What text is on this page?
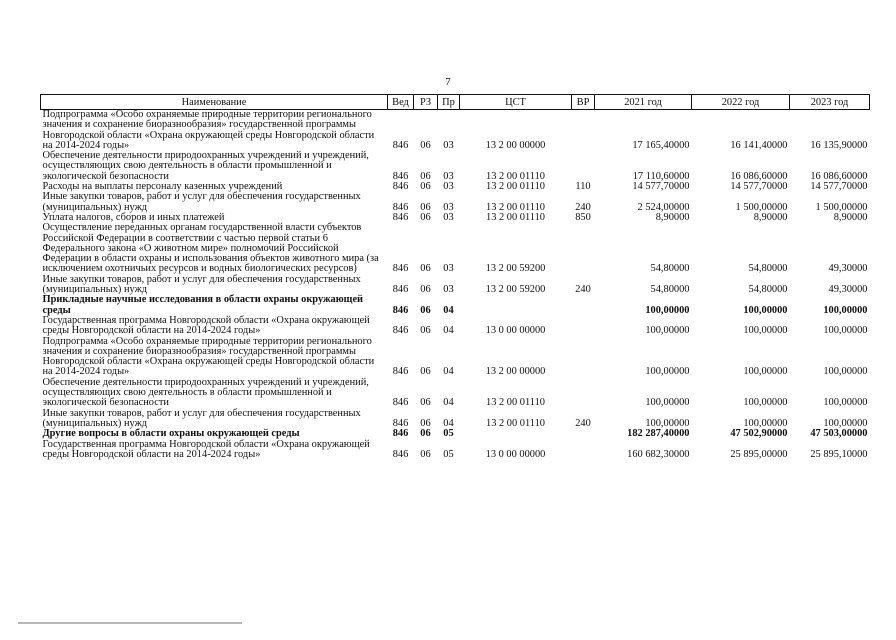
7
Наименование	Вед	РЗ	Пр	ЦСТ	ВР	2021 год	2022 год	2023 год
Подпрограмма «Особо охраняемые природные территории регионального значения и сохранение биоразнообразия» государственной программы Новгородской области «Охрана окружающей среды Новгородской области на 2014-2024 годы»	846	06	03	13 2 00 00000		17 165,40000	16 141,40000	16 135,90000
Обеспечение деятельности природоохранных учреждений и учреждений, осуществляющих свою деятельность в области промышленной и экологической безопасности	846	06	03	13 2 00 01110		17 110,60000	16 086,60000	16 086,60000
Расходы на выплаты персоналу казенных учреждений	846	06	03	13 2 00 01110	110	14 577,70000	14 577,70000	14 577,70000
Иные закупки товаров, работ и услуг для обеспечения государственных (муниципальных) нужд	846	06	03	13 2 00 01110	240	2 524,00000	1 500,00000	1 500,00000
Уплата налогов, сборов и иных платежей	846	06	03	13 2 00 01110	850	8,90000	8,90000	8,90000
Осуществление переданных органам государственной власти субъектов Российской Федерации в соответствии с частью первой статьи 6 Федерального закона «О животном мире» полномочий Российской Федерации в области охраны и использования объектов животного мира (за исключением охотничьих ресурсов и водных биологических ресурсов)	846	06	03	13 2 00 59200		54,80000	54,80000	49,30000
Иные закупки товаров, работ и услуг для обеспечения государственных (муниципальных) нужд	846	06	03	13 2 00 59200	240	54,80000	54,80000	49,30000
Прикладные научные исследования в области охраны окружающей среды	846	06	04			100,00000	100,00000	100,00000
Государственная программа Новгородской области «Охрана окружающей среды Новгородской области на 2014-2024 годы»	846	06	04	13 0 00 00000		100,00000	100,00000	100,00000
Подпрограмма «Особо охраняемые природные территории регионального значения и сохранение биоразнообразия» государственной программы Новгородской области «Охрана окружающей среды Новгородской области на 2014-2024 годы»	846	06	04	13 2 00 00000		100,00000	100,00000	100,00000
Обеспечение деятельности природоохранных учреждений и учреждений, осуществляющих свою деятельность в области промышленной и экологической безопасности	846	06	04	13 2 00 01110		100,00000	100,00000	100,00000
Иные закупки товаров, работ и услуг для обеспечения государственных (муниципальных) нужд	846	06	04	13 2 00 01110	240	100,00000	100,00000	100,00000
Другие вопросы в области охраны окружающей среды	846	06	05			182 287,40000	47 502,90000	47 503,00000
Государственная программа Новгородской области «Охрана окружающей среды Новгородской области на 2014-2024 годы»	846	06	05	13 0 00 00000		160 682,30000	25 895,00000	25 895,10000
